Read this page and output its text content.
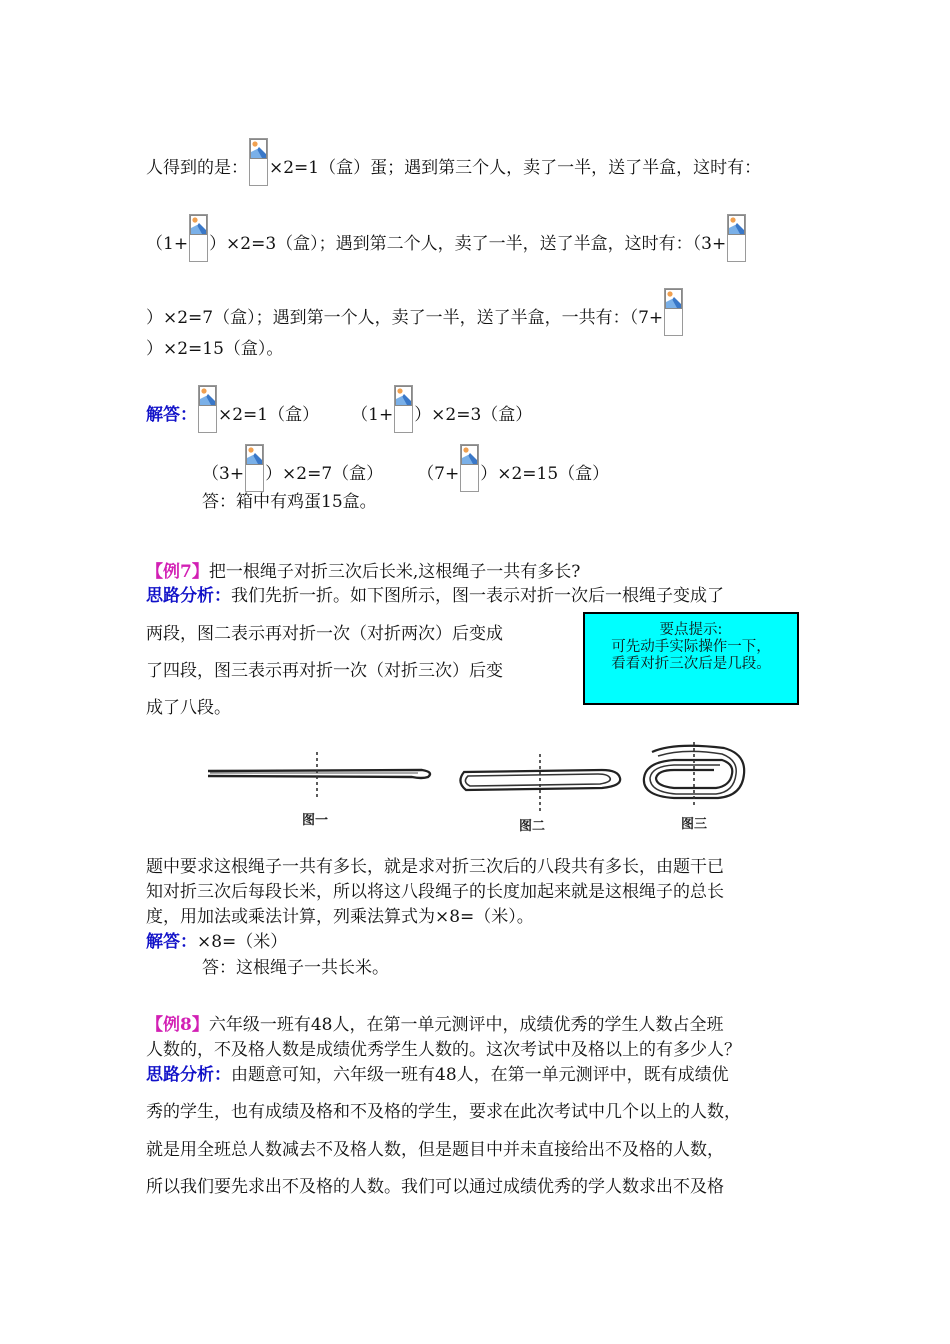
人得到的是： ×2=1（盒）蛋；遇到第三个人，卖了一半，送了半盒，这时有：
（1+ ）×2=3（盒）；遇到第二个人，卖了一半，送了半盒，这时有：（3+
）×2=7（盒）；遇到第一个人，卖了一半，送了半盒，一共有：（7+
）×2=15（盒）。
解答： ×2=1（盒） （1+ ）×2=3（盒）
（3+ ）×2=7（盒） （7+ ）×2=15（盒）
答：箱中有鸡蛋15盒。
【例7】把一根绳子对折三次后长米,这根绳子一共有多长?
思路分析：我们先折一折。如下图所示，图一表示对折一次后一根绳子变成了
两段，图二表示再对折一次（对折两次）后变成
了四段，图三表示再对折一次（对折三次）后变
成了八段。
要点提示:
可先动手实际操作一下，
看看对折三次后是几段。
图一	图二	图三
题中要求这根绳子一共有多长，就是求对折三次后的八段共有多长，由题干已
知对折三次后每段长米，所以将这八段绳子的长度加起来就是这根绳子的总长
度，用加法或乘法计算，列乘法算式为×8=（米）。
解答：×8=（米）
答：这根绳子一共长米。
【例8】六年级一班有48人，在第一单元测评中，成绩优秀的学生人数占全班
人数的，不及格人数是成绩优秀学生人数的。这次考试中及格以上的有多少人？
思路分析：由题意可知，六年级一班有48人，在第一单元测评中，既有成绩优
秀的学生，也有成绩及格和不及格的学生，要求在此次考试中几个以上的人数，
就是用全班总人数减去不及格人数，但是题目中并未直接给出不及格的人数，
所以我们要先求出不及格的人数。我们可以通过成绩优秀的学人数求出不及格
